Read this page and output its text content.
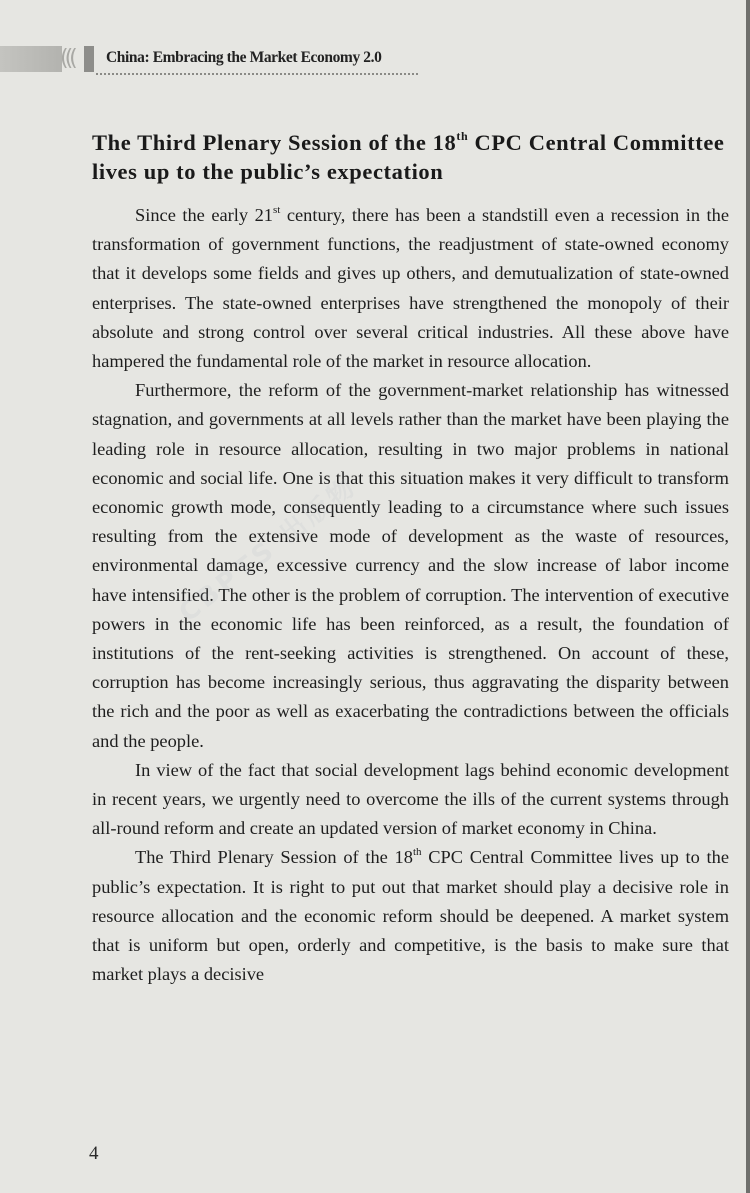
((( China: Embracing the Market Economy 2.0
The Third Plenary Session of the 18th CPC Central Committee lives up to the public’s expectation

Since the early 21st century, there has been a standstill even a recession in the transformation of government functions, the readjustment of state-owned economy that it develops some fields and gives up others, and demutualization of state-owned enterprises. The state-owned enterprises have strengthened the monopoly of their absolute and strong control over several critical industries. All these above have hampered the fundamental role of the market in resource allocation.

Furthermore, the reform of the government-market relationship has witnessed stagnation, and governments at all levels rather than the market have been playing the leading role in resource allocation, resulting in two major problems in national economic and social life. One is that this situation makes it very difficult to transform economic growth mode, consequently leading to a circumstance where such issues resulting from the extensive mode of development as the waste of resources, environmental damage, excessive currency and the slow increase of labor income have intensified. The other is the problem of corruption. The intervention of executive powers in the economic life has been reinforced, as a result, the foundation of institutions of the rent-seeking activities is strengthened. On account of these, corruption has become increasingly serious, thus aggravating the disparity between the rich and the poor as well as exacerbating the contradictions between the officials and the people.

In view of the fact that social development lags behind economic development in recent years, we urgently need to overcome the ills of the current systems through all-round reform and create an updated version of market economy in China.

The Third Plenary Session of the 18th CPC Central Committee lives up to the public’s expectation. It is right to put out that market should play a decisive role in resource allocation and the economic reform should be deepened. A market system that is uniform but open, orderly and competitive, is the basis to make sure that market plays a decisive

CBPTS 出版物
4
